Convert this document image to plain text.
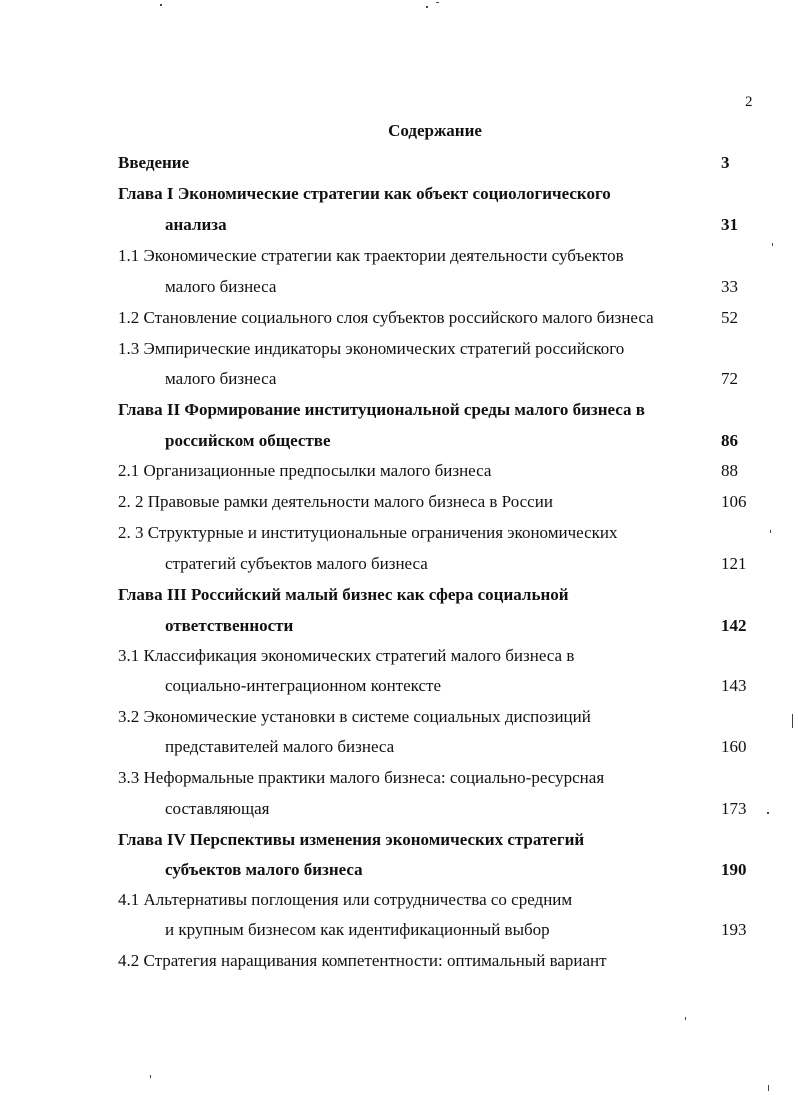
2
Содержание
Введение	3
Глава I Экономические стратегии как объект социологического
анализа	31
1.1 Экономические стратегии как траектории деятельности субъектов
малого бизнеса	33
1.2 Становление социального слоя субъектов российского малого бизнеса	52
1.3 Эмпирические индикаторы экономических стратегий российского
малого бизнеса	72
Глава II Формирование институциональной среды малого бизнеса в
российском обществе	86
2.1 Организационные предпосылки малого бизнеса	88
2. 2 Правовые рамки деятельности малого бизнеса в России	106
2. 3 Структурные и институциональные ограничения экономических
стратегий субъектов малого бизнеса	121
Глава III Российский малый бизнес как сфера социальной
ответственности	142
3.1 Классификация экономических стратегий малого бизнеса в
социально-интеграционном контексте	143
3.2 Экономические установки в системе социальных диспозиций
представителей малого бизнеса	160
3.3 Неформальные практики малого бизнеса: социально-ресурсная
составляющая	173
Глава IV Перспективы изменения экономических стратегий
субъектов малого бизнеса	190
4.1 Альтернативы поглощения или сотрудничества со средним
и крупным бизнесом как идентификационный выбор	193
4.2 Стратегия наращивания компетентности: оптимальный вариант
